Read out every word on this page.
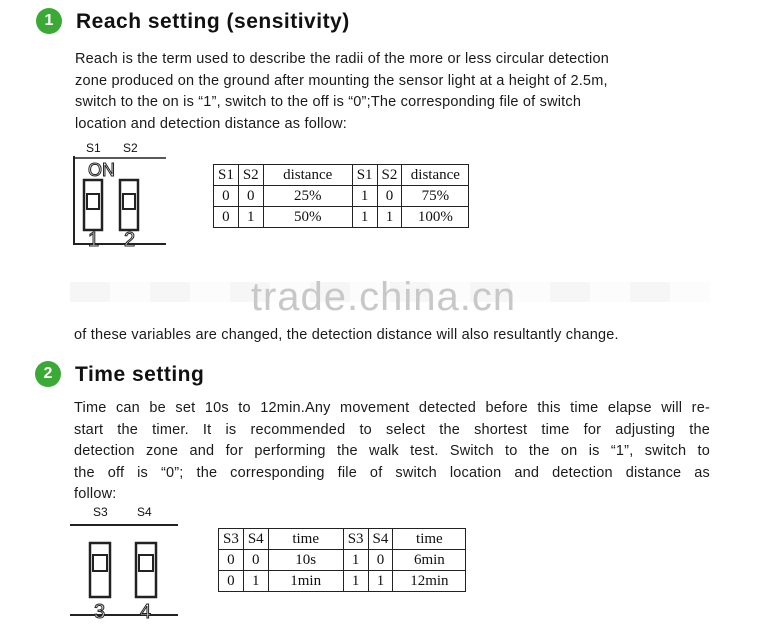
1	Reach setting (sensitivity)
Reach is the term used to describe the radii of the more or less circular detection
zone produced on the ground after mounting the sensor light at a height of 2.5m,
switch to the on is “1”, switch to the off is “0”;The corresponding file of switch
location and detection distance as follow:
S1 S2
ON
1 2
S1	S2	distance	S1	S2	distance
0	0	25%	1	0	75%
0	1	50%	1	1	100%
trade.china.cn
of these variables are changed, the detection distance will also resultantly change.
2	Time setting
Time can be set 10s to 12min.Any movement detected before this time elapse will re-
start the timer. It is recommended to select the shortest time for adjusting the
detection zone and for performing the walk test. Switch to the on is “1”, switch to
the off is “0”; the corresponding file of switch location and detection distance as
follow:
S3 S4
3 4
S3	S4	time	S3	S4	time
0	0	10s	1	0	6min
0	1	1min	1	1	12min
